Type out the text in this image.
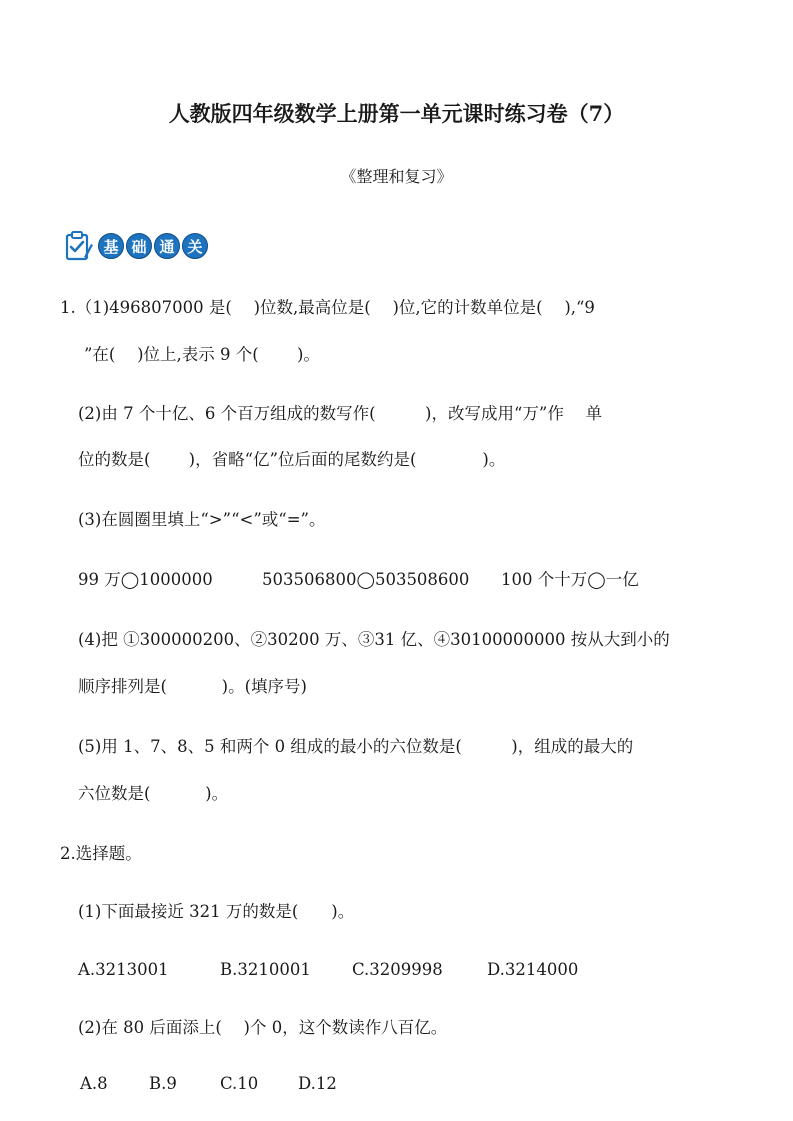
人教版四年级数学上册第一单元课时练习卷（7）
《整理和复习》
基 础 通 关
1.（1)496807000 是(　 )位数,最高位是(　 )位,它的计数单位是(　 ),“9
”在(　 )位上,表示 9 个(　　 )。
(2)由 7 个十亿、6 个百万组成的数写作(　　　)，改写成用“万”作　 单
位的数是(　　 )，省略“亿”位后面的尾数约是(　　　　)。
(3)在圆圈里填上“>”“<”或“=”。
99 万◯1000000	503506800◯503508600 100 个十万◯一亿
(4)把 ①300000200、②30200 万、③31 亿、④30100000000 按从大到小的
顺序排列是(　　　 )。(填序号)
(5)用 1、7、8、5 和两个 0 组成的最小的六位数是(　　　)，组成的最大的
六位数是(　　　 )。
2.选择题。
(1)下面最接近 321 万的数是(　　)。
A.3213001	B.3210001 C.3209998	D.3214000
(2)在 80 后面添上(　 )个 0，这个数读作八百亿。
A.8	B.9	C.10 D.12
